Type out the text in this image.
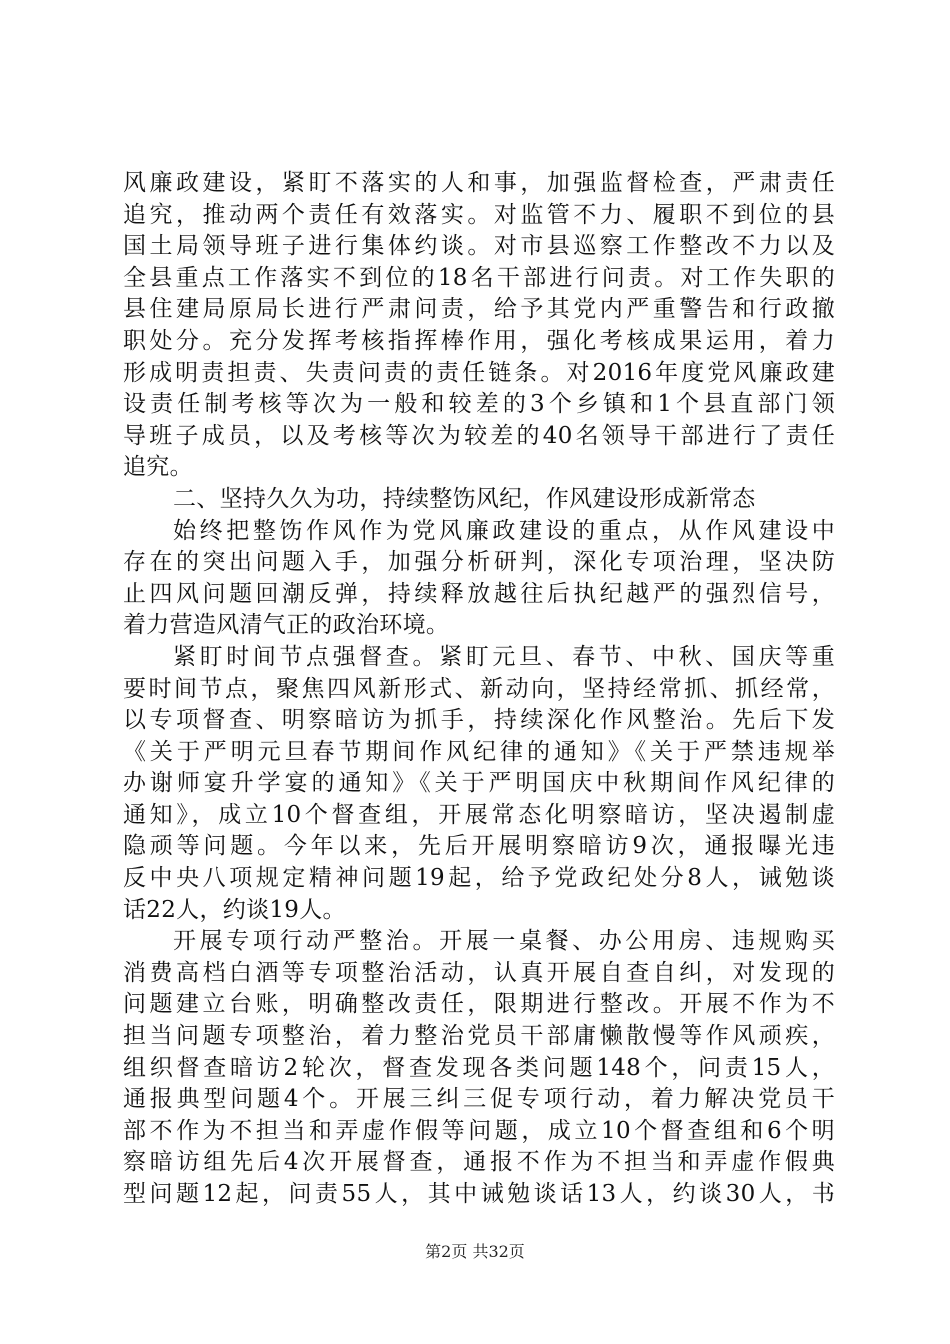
风廉政建设，紧盯不落实的人和事，加强监督检查，严肃责任
追究，推动两个责任有效落实。对监管不力、履职不到位的县
国土局领导班子进行集体约谈。对市县巡察工作整改不力以及
全县重点工作落实不到位的18名干部进行问责。对工作失职的
县住建局原局长进行严肃问责，给予其党内严重警告和行政撤
职处分。充分发挥考核指挥棒作用，强化考核成果运用，着力
形成明责担责、失责问责的责任链条。对2016年度党风廉政建
设责任制考核等次为一般和较差的3个乡镇和1个县直部门领
导班子成员，以及考核等次为较差的40名领导干部进行了责任
追究。
二、坚持久久为功，持续整饬风纪，作风建设形成新常态
始终把整饬作风作为党风廉政建设的重点，从作风建设中
存在的突出问题入手，加强分析研判，深化专项治理，坚决防
止四风问题回潮反弹，持续释放越往后执纪越严的强烈信号，
着力营造风清气正的政治环境。
紧盯时间节点强督查。紧盯元旦、春节、中秋、国庆等重
要时间节点，聚焦四风新形式、新动向，坚持经常抓、抓经常，
以专项督查、明察暗访为抓手，持续深化作风整治。先后下发
《关于严明元旦春节期间作风纪律的通知》《关于严禁违规举
办谢师宴升学宴的通知》《关于严明国庆中秋期间作风纪律的
通知》，成立10个督查组，开展常态化明察暗访，坚决遏制虚
隐顽等问题。今年以来，先后开展明察暗访9次，通报曝光违
反中央八项规定精神问题19起，给予党政纪处分8人，诫勉谈
话22人，约谈19人。
开展专项行动严整治。开展一桌餐、办公用房、违规购买
消费高档白酒等专项整治活动，认真开展自查自纠，对发现的
问题建立台账，明确整改责任，限期进行整改。开展不作为不
担当问题专项整治，着力整治党员干部庸懒散慢等作风顽疾，
组织督查暗访2轮次，督查发现各类问题148个，问责15人，
通报典型问题4个。开展三纠三促专项行动，着力解决党员干
部不作为不担当和弄虚作假等问题，成立10个督查组和6个明
察暗访组先后4次开展督查，通报不作为不担当和弄虚作假典
型问题12起，问责55人，其中诫勉谈话13人，约谈30人，书
第2页 共32页
